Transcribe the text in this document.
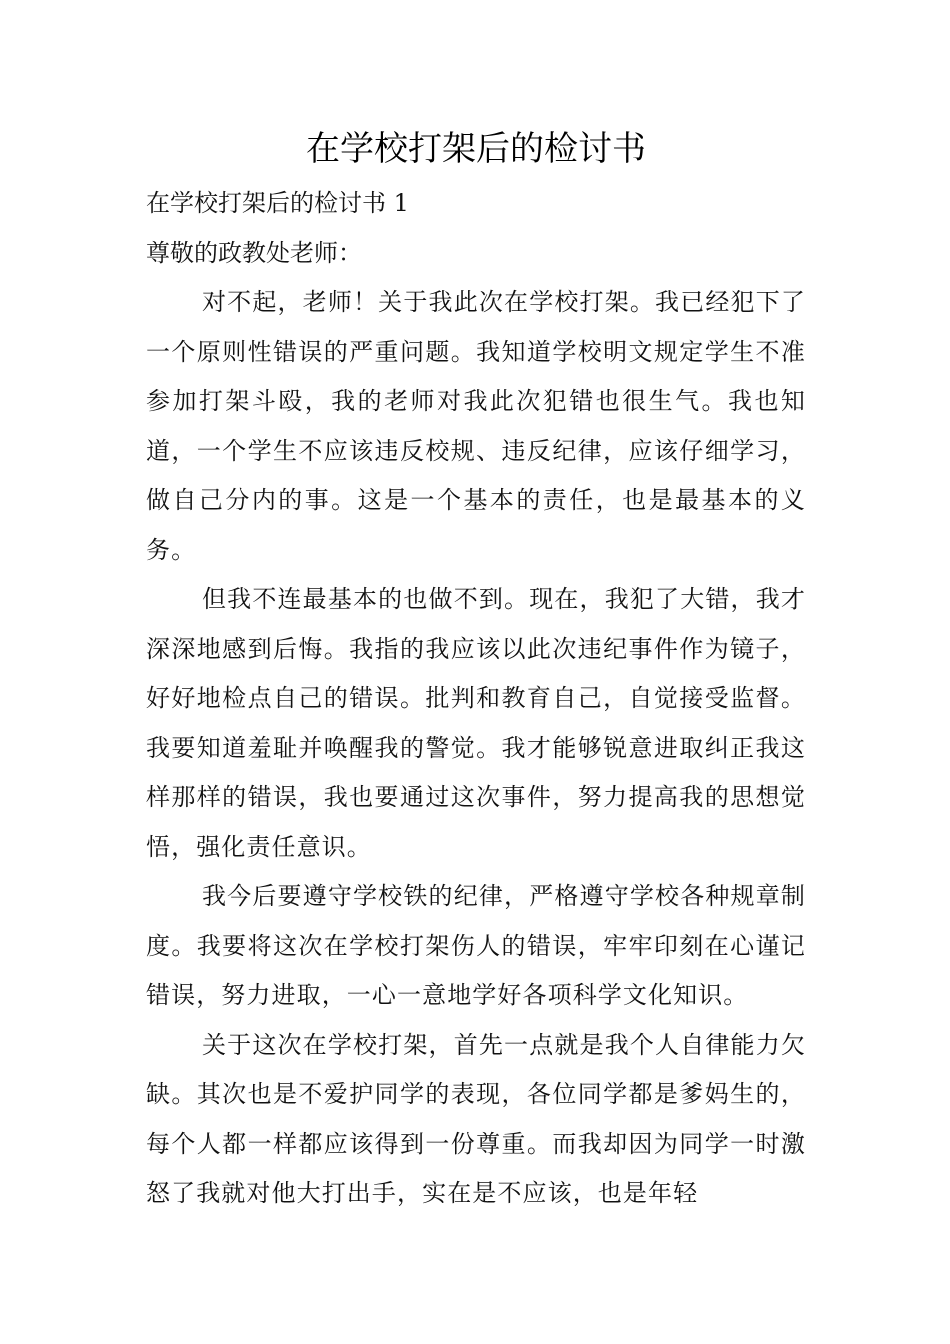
在学校打架后的检讨书

在学校打架后的检讨书 1

尊敬的政教处老师：

对不起，老师！关于我此次在学校打架。我已经犯下了一个原则性错误的严重问题。我知道学校明文规定学生不准参加打架斗殴，我的老师对我此次犯错也很生气。我也知道，一个学生不应该违反校规、违反纪律，应该仔细学习，做自己分内的事。这是一个基本的责任，也是最基本的义务。

但我不连最基本的也做不到。现在，我犯了大错，我才深深地感到后悔。我指的我应该以此次违纪事件作为镜子，好好地检点自己的错误。批判和教育自己，自觉接受监督。我要知道羞耻并唤醒我的警觉。我才能够锐意进取纠正我这样那样的错误，我也要通过这次事件，努力提高我的思想觉悟，强化责任意识。

我今后要遵守学校铁的纪律，严格遵守学校各种规章制度。我要将这次在学校打架伤人的错误，牢牢印刻在心谨记错误，努力进取，一心一意地学好各项科学文化知识。

关于这次在学校打架，首先一点就是我个人自律能力欠缺。其次也是不爱护同学的表现，各位同学都是爹妈生的，每个人都一样都应该得到一份尊重。而我却因为同学一时激怒了我就对他大打出手，实在是不应该，也是年轻
